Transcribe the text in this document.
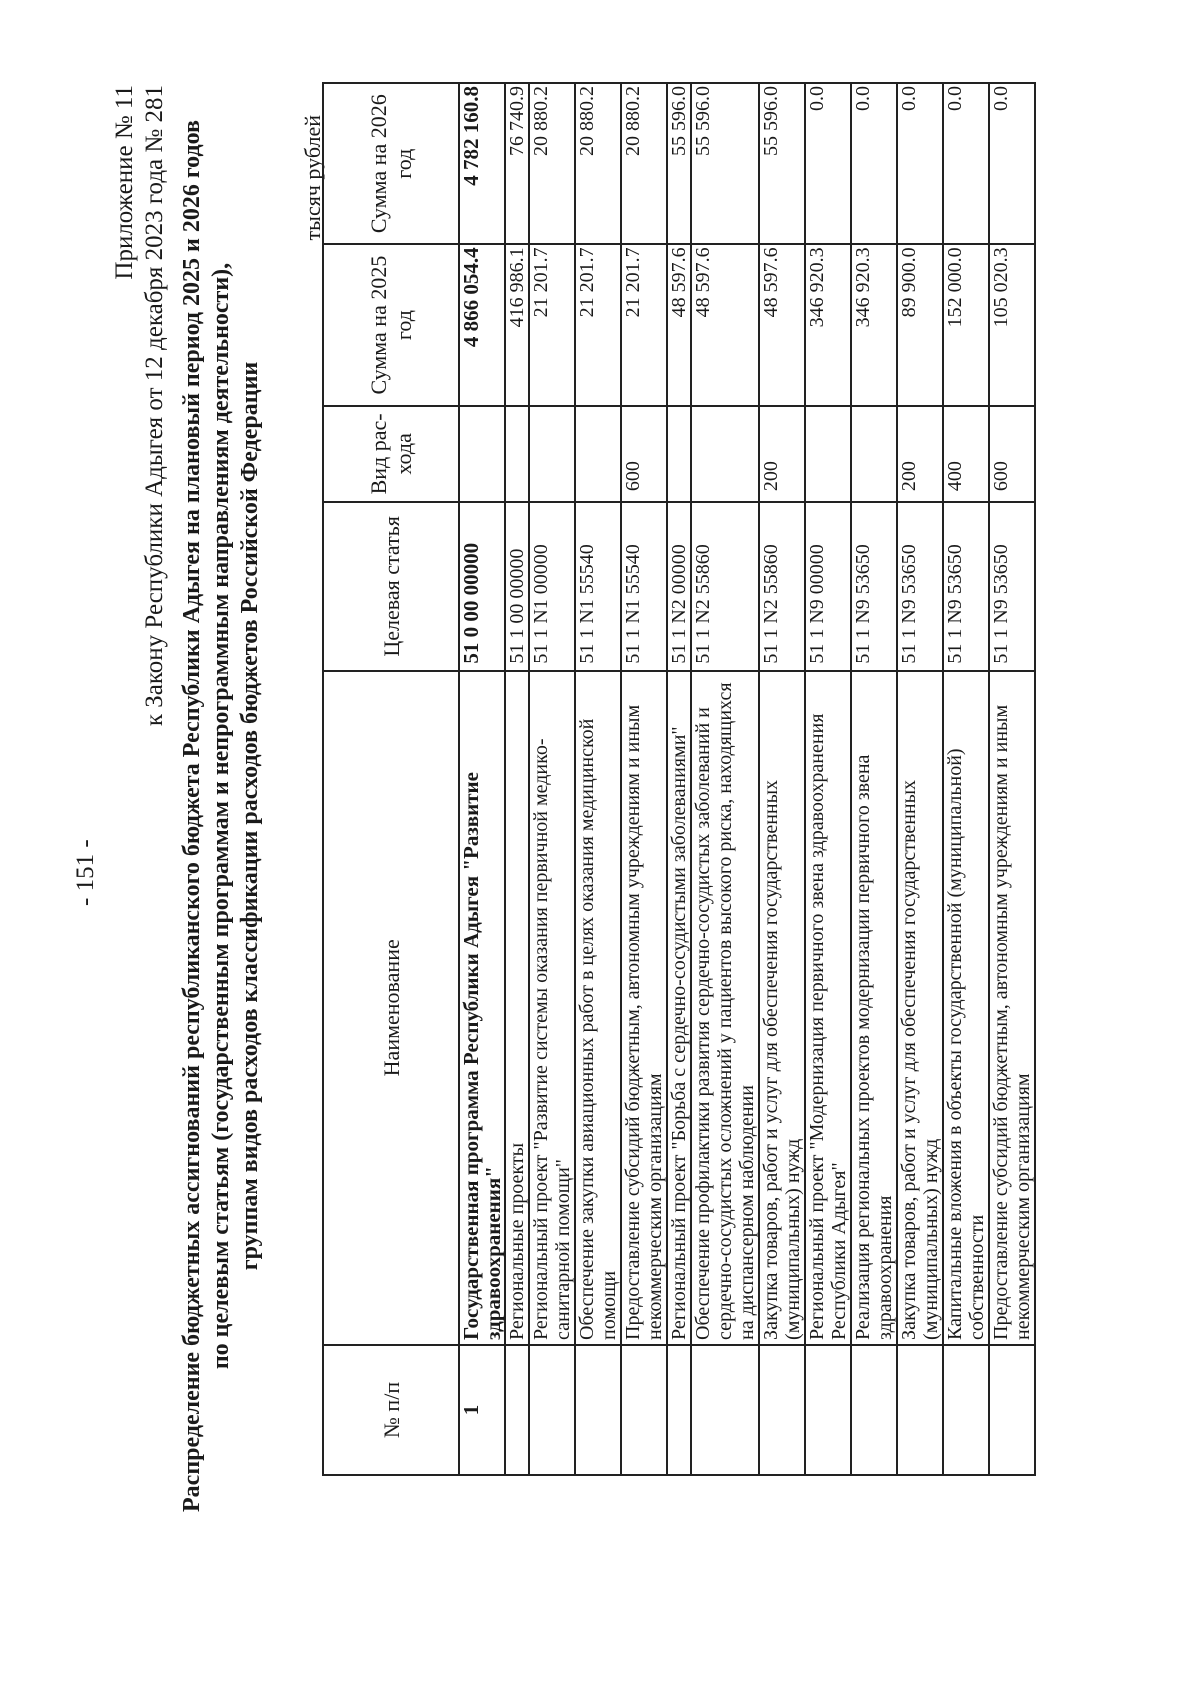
- 151 -
Приложение № 11 к Закону Республики Адыгея от 12 декабря 2023 года № 281 Распределение бюджетных ассигнований республиканского бюджета Республики Адыгея на плановый период 2025 и 2026 годов по целевым статьям (государственным программам и непрограммным направлениям деятельности), группам видов расходов классификации расходов бюджетов Российской Федерации
тысяч рублей
№ п/п	Наименование	Целевая статья	Вид рас-хода	Сумма на 2025 год	Сумма на 2026 год
1	Государственная программа Республики Адыгея "Развитие здравоохранения"	51 0 00 00000		4 866 054.4	4 782 160.8
	Региональные проекты	51 1 00 00000		416 986.1	76 740.9
	Региональный проект "Развитие системы оказания первичной медико-санитарной помощи"	51 1 N1 00000		21 201.7	20 880.2
	Обеспечение закупки авиационных работ в целях оказания медицинской помощи	51 1 N1 55540		21 201.7	20 880.2
	Предоставление субсидий бюджетным, автономным учреждениям и иным некоммерческим организациям	51 1 N1 55540	600	21 201.7	20 880.2
	Региональный проект "Борьба с сердечно-сосудистыми заболеваниями"	51 1 N2 00000		48 597.6	55 596.0
	Обеспечение профилактики развития сердечно-сосудистых заболеваний и сердечно-сосудистых осложнений у пациентов высокого риска, находящихся на диспансерном наблюдении	51 1 N2 55860		48 597.6	55 596.0
	Закупка товаров, работ и услуг для обеспечения государственных (муниципальных) нужд	51 1 N2 55860	200	48 597.6	55 596.0
	Региональный проект "Модернизация первичного звена здравоохранения Республики Адыгея"	51 1 N9 00000		346 920.3	0.0
	Реализация региональных проектов модернизации первичного звена здравоохранения	51 1 N9 53650		346 920.3	0.0
	Закупка товаров, работ и услуг для обеспечения государственных (муниципальных) нужд	51 1 N9 53650	200	89 900.0	0.0
	Капитальные вложения в объекты государственной (муниципальной) собственности	51 1 N9 53650	400	152 000.0	0.0
	Предоставление субсидий бюджетным, автономным учреждениям и иным некоммерческим организациям	51 1 N9 53650	600	105 020.3	0.0
